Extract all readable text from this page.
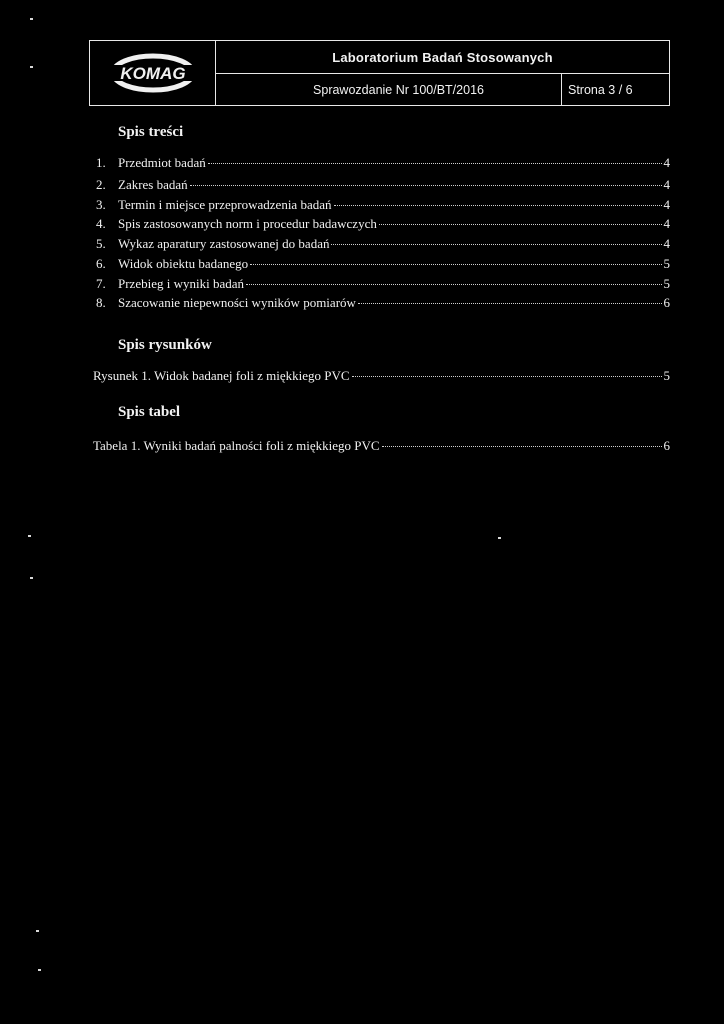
KOMAG
Laboratorium Badań Stosowanych
Sprawozdanie Nr 100/BT/2016	Strona 3 / 6
Spis treści
1. Przedmiot badań	4
2. Zakres badań	4
3. Termin i miejsce przeprowadzenia badań	4
4. Spis zastosowanych norm i procedur badawczych	4
5. Wykaz aparatury zastosowanej do badań	4
6. Widok obiektu badanego	5
7. Przebieg i wyniki badań	5
8. Szacowanie niepewności wyników pomiarów	6
Spis rysunków
Rysunek 1. Widok badanej foli z miękkiego PVC	5
Spis tabel
Tabela 1. Wyniki badań palności foli z miękkiego PVC	6
